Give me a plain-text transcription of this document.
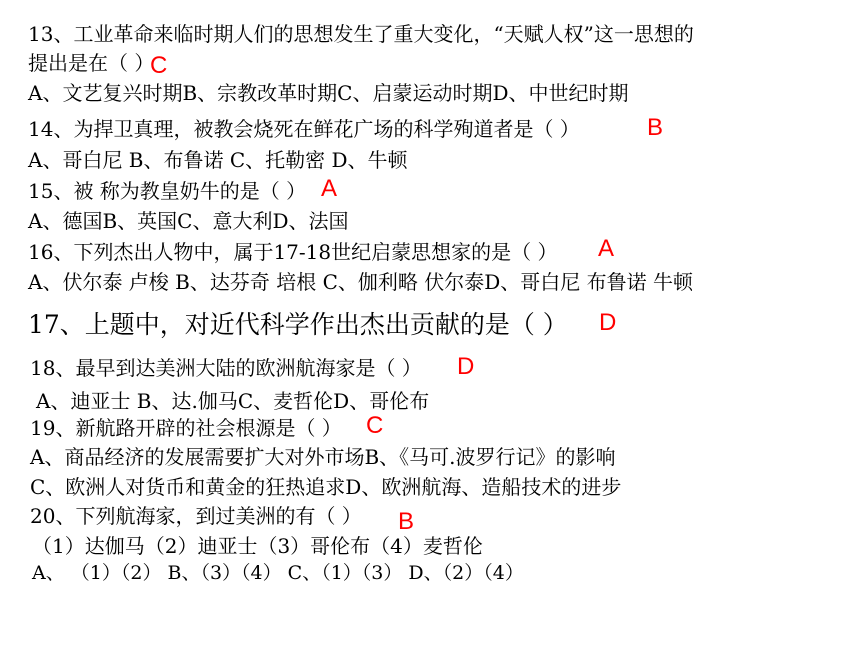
13、工业革命来临时期人们的思想发生了重大变化，“天赋人权”这一思想的
提出是在（ ）
C
A、文艺复兴时期B、宗教改革时期C、启蒙运动时期D、中世纪时期
14、为捍卫真理，被教会烧死在鲜花广场的科学殉道者是（ ）	B
A、哥白尼 B、布鲁诺 C、托勒密 D、牛顿
15、被 称为教皇奶牛的是（ ） A
A、德国B、英国C、意大利D、法国
16、下列杰出人物中，属于17-18世纪启蒙思想家的是（ ） A
A、伏尔泰 卢梭 B、达芬奇 培根 C、伽利略 伏尔泰D、哥白尼 布鲁诺 牛顿
17、上题中，对近代科学作出杰出贡献的是（ ） D
18、最早到达美洲大陆的欧洲航海家是（ ） D
A、迪亚士 B、达.伽马C、麦哲伦D、哥伦布
19、新航路开辟的社会根源是（ ） C
A、商品经济的发展需要扩大对外市场B、《马可.波罗行记》的影响
C、欧洲人对货币和黄金的狂热追求D、欧洲航海、造船技术的进步
20、下列航海家，到过美洲的有（ ） B
（1）达伽马（2）迪亚士（3）哥伦布（4）麦哲伦
A、 （1）（2） B、（3）（4） C、（1）（3） D、（2）（4）
